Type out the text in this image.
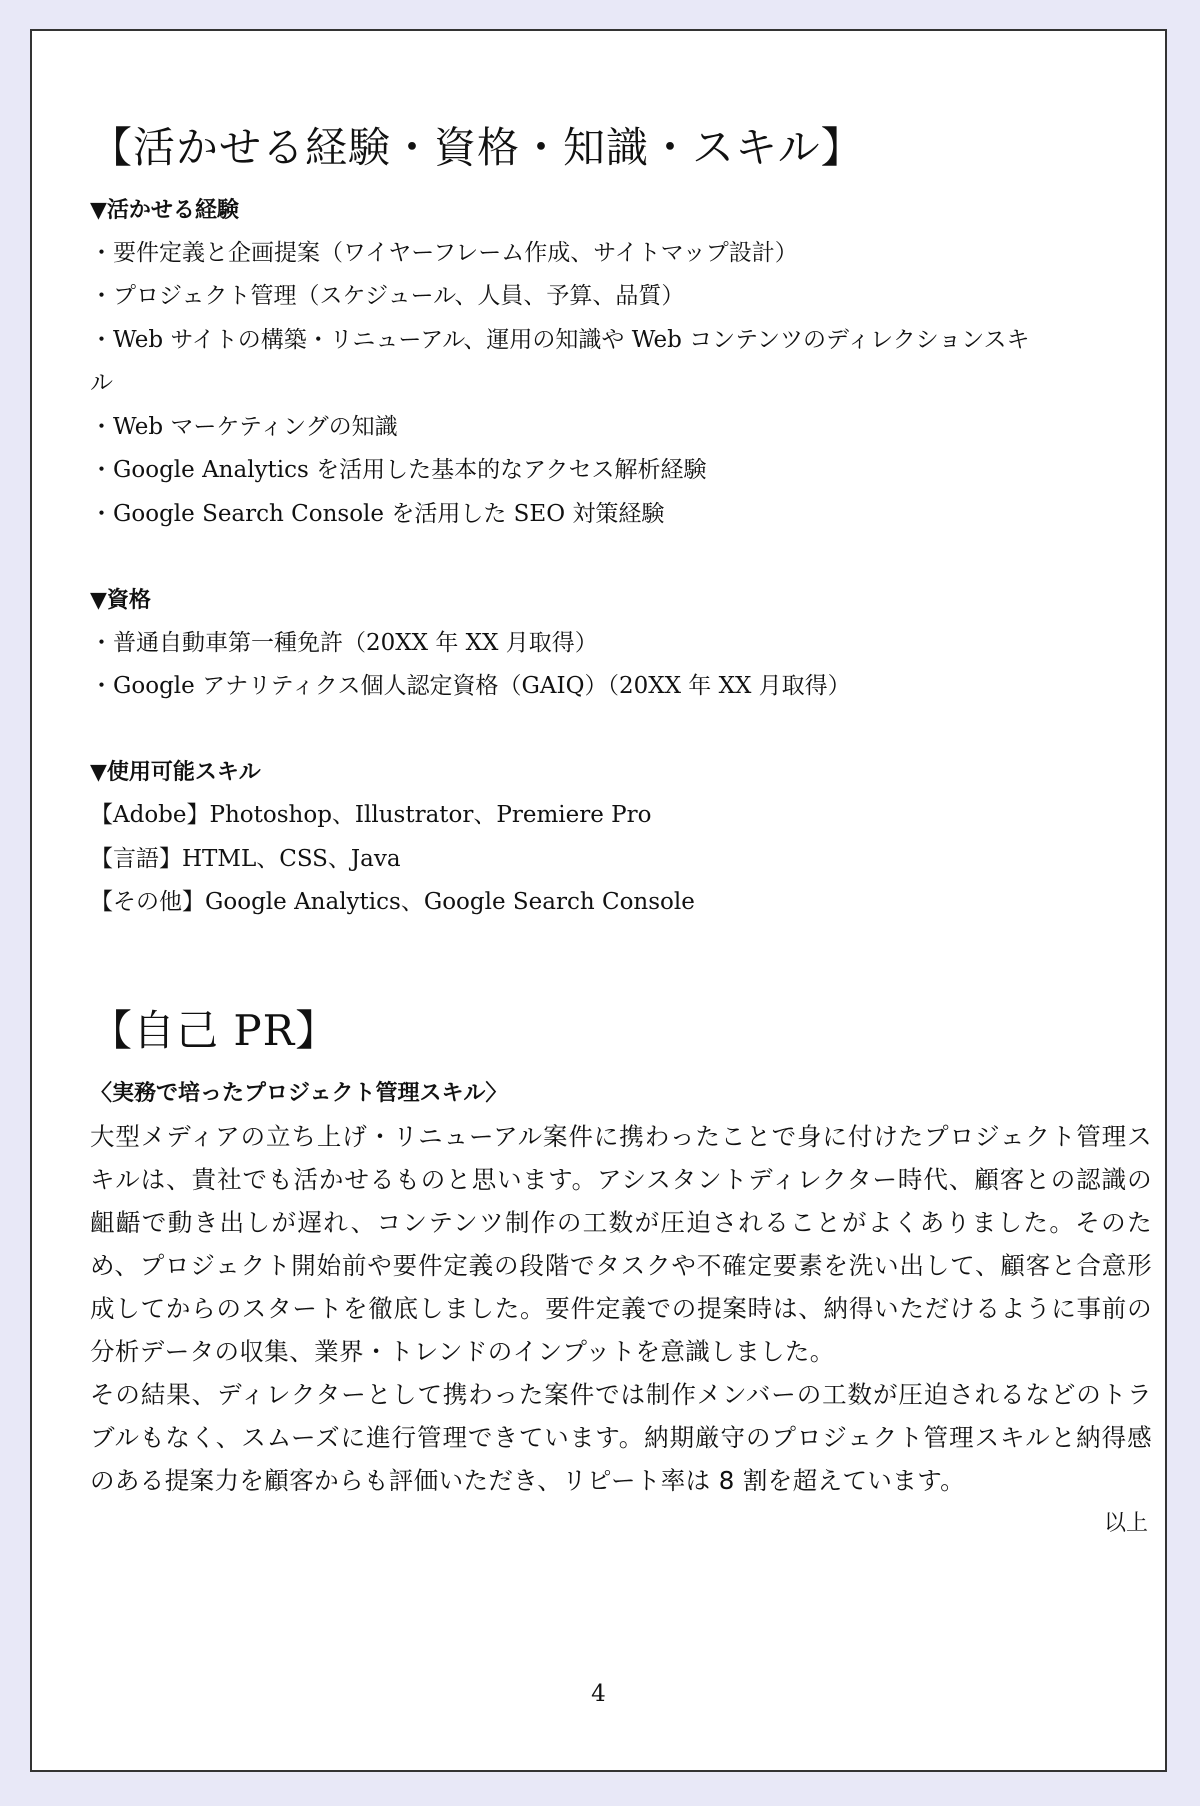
【活かせる経験・資格・知識・スキル】
▼活かせる経験
・要件定義と企画提案（ワイヤーフレーム作成、サイトマップ設計）
・プロジェクト管理（スケジュール、人員、予算、品質）
・Web サイトの構築・リニューアル、運用の知識や Web コンテンツのディレクションスキ
ル
・Web マーケティングの知識
・Google Analytics を活用した基本的なアクセス解析経験
・Google Search Console を活用した SEO 対策経験
▼資格
・普通自動車第一種免許（20XX 年 XX 月取得）
・Google アナリティクス個人認定資格（GAIQ）（20XX 年 XX 月取得）
▼使用可能スキル
【Adobe】Photoshop、Illustrator、Premiere Pro
【言語】HTML、CSS、Java
【その他】Google Analytics、Google Search Console
【自己 PR】
〈実務で培ったプロジェクト管理スキル〉
大型メディアの立ち上げ・リニューアル案件に携わったことで身に付けたプロジェクト管理スキルは、貴社でも活かせるものと思います。アシスタントディレクター時代、顧客との認識の齟齬で動き出しが遅れ、コンテンツ制作の工数が圧迫されることがよくありました。そのため、プロジェクト開始前や要件定義の段階でタスクや不確定要素を洗い出して、顧客と合意形成してからのスタートを徹底しました。要件定義での提案時は、納得いただけるように事前の分析データの収集、業界・トレンドのインプットを意識しました。
その結果、ディレクターとして携わった案件では制作メンバーの工数が圧迫されるなどのトラブルもなく、スムーズに進行管理できています。納期厳守のプロジェクト管理スキルと納得感のある提案力を顧客からも評価いただき、リピート率は 8 割を超えています。
以上
4
